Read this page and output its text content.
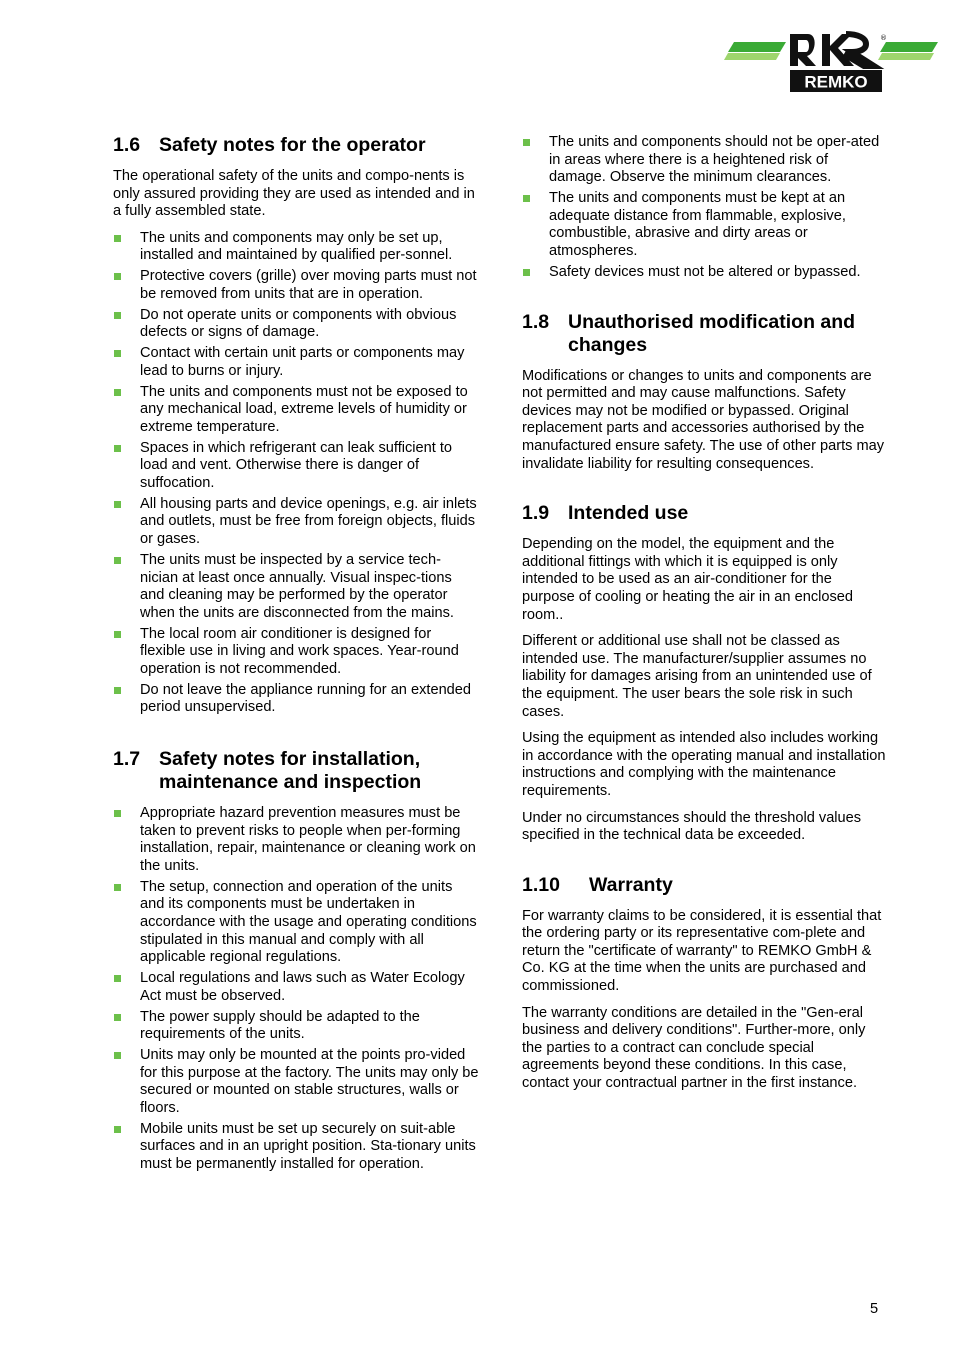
®
REMKO
1.6 Safety notes for the operator
The operational safety of the units and compo-nents is only assured providing they are used as intended and in a fully assembled state.
The units and components may only be set up, installed and maintained by qualified per-sonnel.
Protective covers (grille) over moving parts must not be removed from units that are in operation.
Do not operate units or components with obvious defects or signs of damage.
Contact with certain unit parts or components may lead to burns or injury.
The units and components must not be exposed to any mechanical load, extreme levels of humidity or extreme temperature.
Spaces in which refrigerant can leak sufficient to load and vent. Otherwise there is danger of suffocation.
All housing parts and device openings, e.g. air inlets and outlets, must be free from foreign objects, fluids or gases.
The units must be inspected by a service tech-nician at least once annually. Visual inspec-tions and cleaning may be performed by the operator when the units are disconnected from the mains.
The local room air conditioner is designed for flexible use in living and work spaces. Year-round operation is not recommended.
Do not leave the appliance running for an extended period unsupervised.
1.7 Safety notes for installation, maintenance and inspection
Appropriate hazard prevention measures must be taken to prevent risks to people when per-forming installation, repair, maintenance or cleaning work on the units.
The setup, connection and operation of the units and its components must be undertaken in accordance with the usage and operating conditions stipulated in this manual and comply with all applicable regional regulations.
Local regulations and laws such as Water Ecology Act must be observed.
The power supply should be adapted to the requirements of the units.
Units may only be mounted at the points pro-vided for this purpose at the factory. The units may only be secured or mounted on stable structures, walls or floors.
Mobile units must be set up securely on suit-able surfaces and in an upright position. Sta-tionary units must be permanently installed for operation.
The units and components should not be oper-ated in areas where there is a heightened risk of damage. Observe the minimum clearances.
The units and components must be kept at an adequate distance from flammable, explosive, combustible, abrasive and dirty areas or atmospheres.
Safety devices must not be altered or bypassed.
1.8 Unauthorised modification and changes
Modifications or changes to units and components are not permitted and may cause malfunctions. Safety devices may not be modified or bypassed. Original replacement parts and accessories authorised by the manufactured ensure safety. The use of other parts may invalidate liability for resulting consequences.
1.9 Intended use
Depending on the model, the equipment and the additional fittings with which it is equipped is only intended to be used as an air-conditioner for the purpose of cooling or heating the air in an enclosed room..
Different or additional use shall not be classed as intended use. The manufacturer/supplier assumes no liability for damages arising from an unintended use of the equipment. The user bears the sole risk in such cases.
Using the equipment as intended also includes working in accordance with the operating manual and installation instructions and complying with the maintenance requirements.
Under no circumstances should the threshold values specified in the technical data be exceeded.
1.10	Warranty
For warranty claims to be considered, it is essential that the ordering party or its representative com-plete and return the "certificate of warranty" to REMKO GmbH & Co. KG at the time when the units are purchased and commissioned.
The warranty conditions are detailed in the "Gen-eral business and delivery conditions". Further-more, only the parties to a contract can conclude special agreements beyond these conditions. In this case, contact your contractual partner in the first instance.
5
